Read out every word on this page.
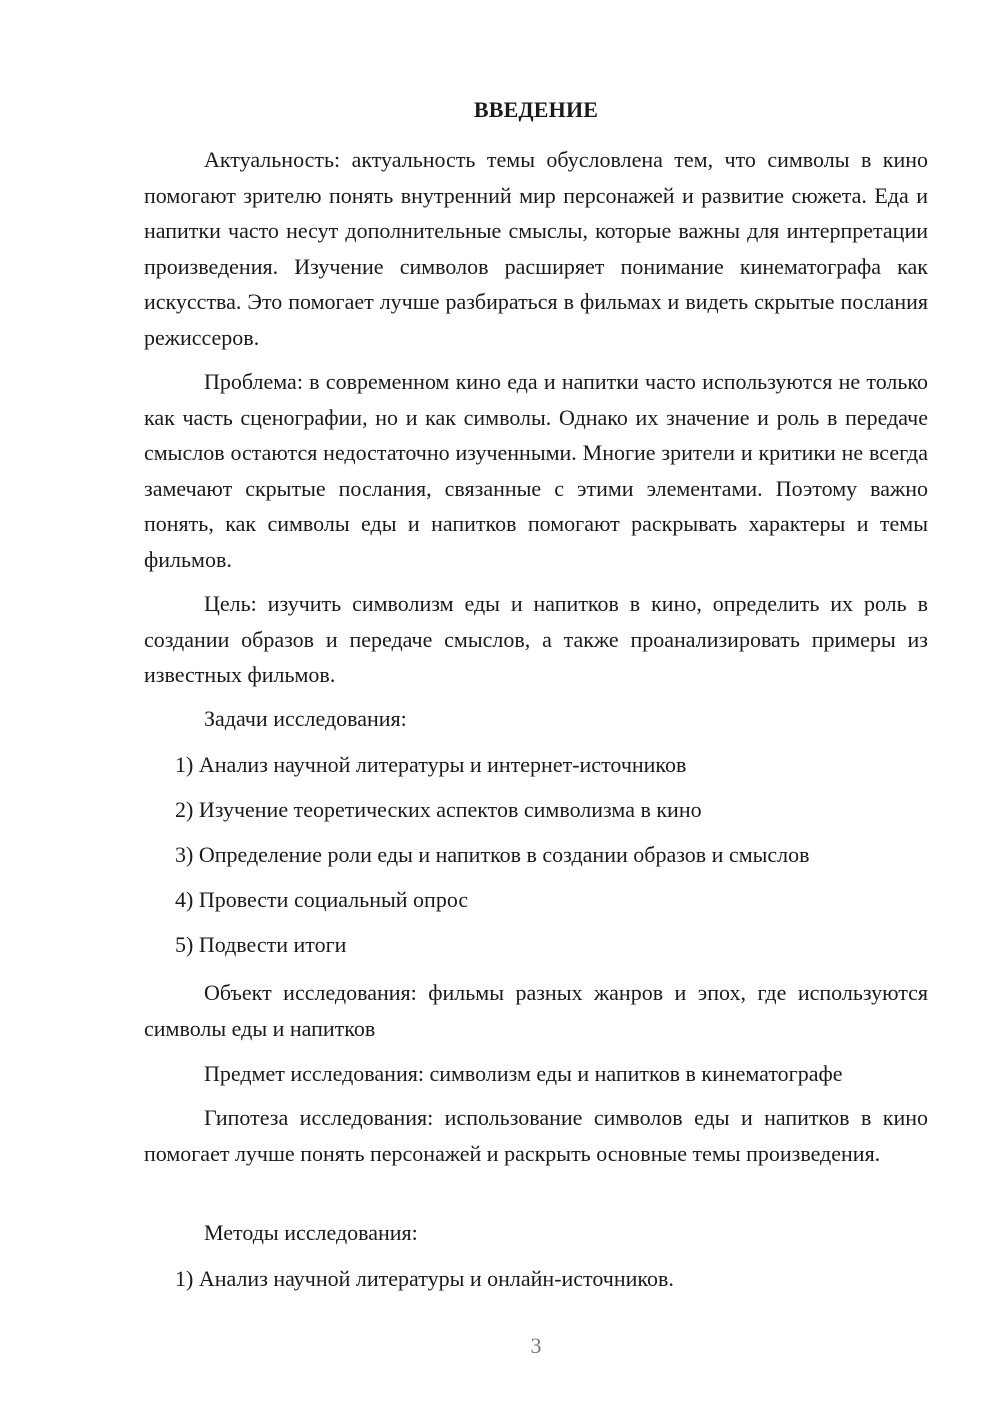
ВВЕДЕНИЕ

Актуальность: актуальность темы обусловлена тем, что символы в кино помогают зрителю понять внутренний мир персонажей и развитие сюжета. Еда и напитки часто несут дополнительные смыслы, которые важны для интерпретации произведения. Изучение символов расширяет понимание кинематографа как искусства. Это помогает лучше разбираться в фильмах и видеть скрытые послания режиссеров.

Проблема: в современном кино еда и напитки часто используются не только как часть сценографии, но и как символы. Однако их значение и роль в передаче смыслов остаются недостаточно изученными. Многие зрители и критики не всегда замечают скрытые послания, связанные с этими элементами. Поэтому важно понять, как символы еды и напитков помогают раскрывать характеры и темы фильмов.

Цель: изучить символизм еды и напитков в кино, определить их роль в создании образов и передаче смыслов, а также проанализировать примеры из известных фильмов.

Задачи исследования:

1) Анализ научной литературы и интернет-источников

2) Изучение теоретических аспектов символизма в кино

3) Определение роли еды и напитков в создании образов и смыслов

4) Провести социальный опрос

5) Подвести итоги

Объект исследования: фильмы разных жанров и эпох, где используются символы еды и напитков

Предмет исследования: символизм еды и напитков в кинематографе

Гипотеза исследования: использование символов еды и напитков в кино помогает лучше понять персонажей и раскрыть основные темы произведения.

Методы исследования:

1) Анализ научной литературы и онлайн-источников.

3
